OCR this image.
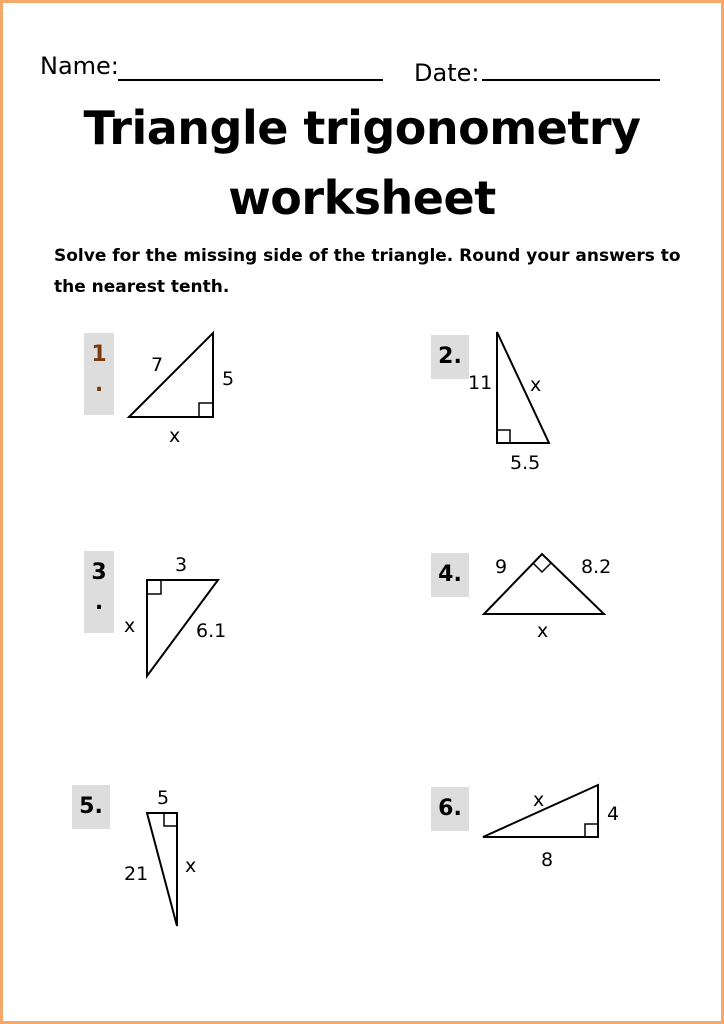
Name:	Date:
Triangle trigonometry
worksheet
Solve for the missing side of the triangle. Round your answers to the nearest tenth.
1
.
7
5
x
2.
11 x
5.5
3
.
3
x	6.1
4.	9	8.2
x
5.	5
21 x
6.	x
4
8
